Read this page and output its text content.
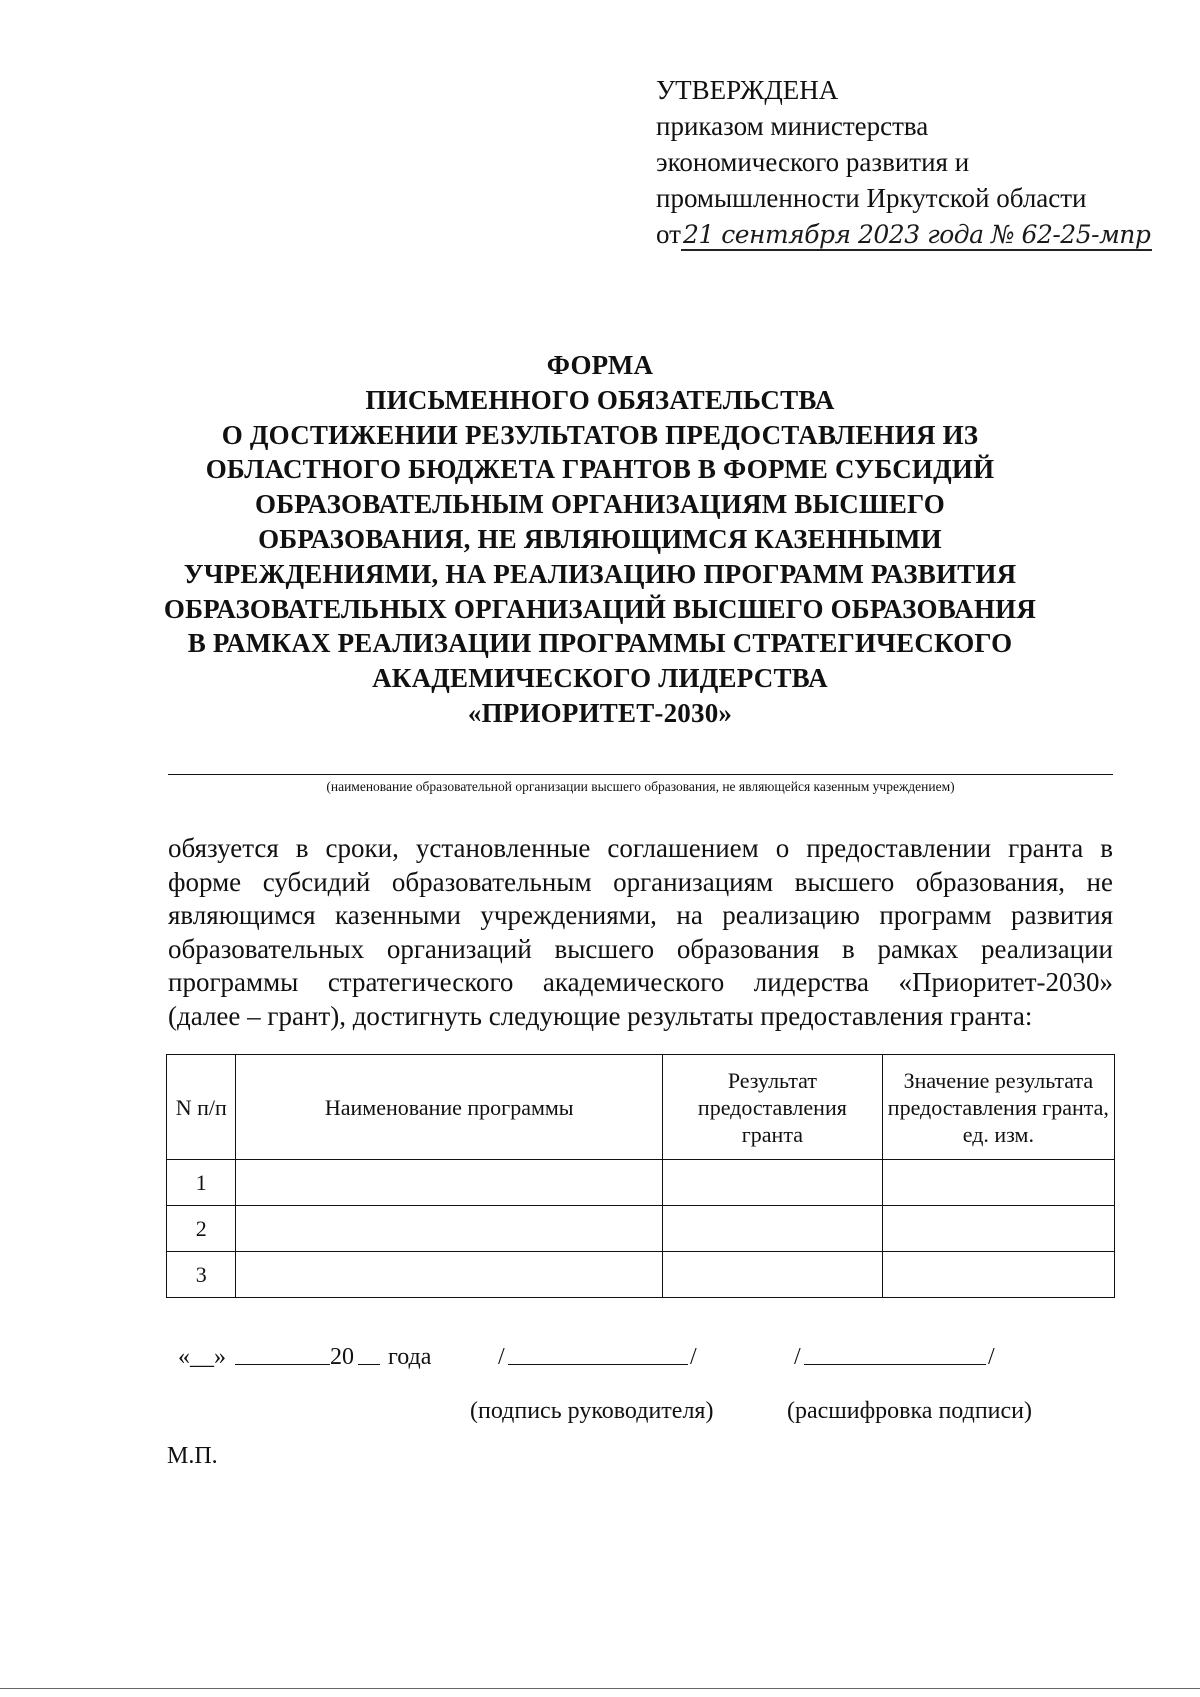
УТВЕРЖДЕНА
приказом министерства
экономического развития и
промышленности Иркутской области
от21 сентября 2023 года № 62-25-мпр
ФОРМА
ПИСЬМЕННОГО ОБЯЗАТЕЛЬСТВА
О ДОСТИЖЕНИИ РЕЗУЛЬТАТОВ ПРЕДОСТАВЛЕНИЯ ИЗ
ОБЛАСТНОГО БЮДЖЕТА ГРАНТОВ В ФОРМЕ СУБСИДИЙ
ОБРАЗОВАТЕЛЬНЫМ ОРГАНИЗАЦИЯМ ВЫСШЕГО
ОБРАЗОВАНИЯ, НЕ ЯВЛЯЮЩИМСЯ КАЗЕННЫМИ
УЧРЕЖДЕНИЯМИ, НА РЕАЛИЗАЦИЮ ПРОГРАММ РАЗВИТИЯ
ОБРАЗОВАТЕЛЬНЫХ ОРГАНИЗАЦИЙ ВЫСШЕГО ОБРАЗОВАНИЯ
В РАМКАХ РЕАЛИЗАЦИИ ПРОГРАММЫ СТРАТЕГИЧЕСКОГО
АКАДЕМИЧЕСКОГО ЛИДЕРСТВА
«ПРИОРИТЕТ-2030»
(наименование образовательной организации высшего образования, не являющейся казенным учреждением)
обязуется в сроки, установленные соглашением о предоставлении гранта в
форме субсидий образовательным организациям высшего образования, не
являющимся казенными учреждениями, на реализацию программ развития
образовательных организаций высшего образования в рамках реализации
программы стратегического академического лидерства «Приоритет-2030»
(далее – грант), достигнуть следующие результаты предоставления гранта:
N п/п	Наименование программы	Результат предоставления гранта	Значение результата предоставления гранта, ед. изм.
1			
2			
3			
«__»	20 года	/	/	/	/
(подпись руководителя)	(расшифровка подписи)
М.П.
